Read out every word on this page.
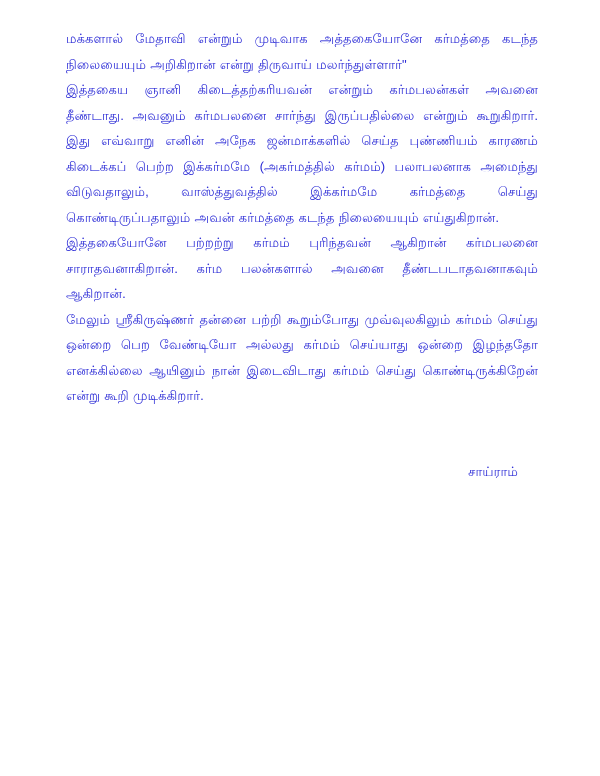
மக்களால் மேதாவி என்றும் முடிவாக அத்தகையோனே கர்மத்தை கடந்த நிலையையும் அறிகிறான் என்று திருவாய் மலர்ந்துள்ளார்"

இத்தகைய ஞானி கிடைத்தற்கரியவன் என்றும் கர்மபலன்கள் அவனை தீண்டாது. அவனும் கர்மபலனை சார்ந்து இருப்பதில்லை என்றும் கூறுகிறார். இது எவ்வாறு எனின் அநேக ஜன்மாக்களில் செய்த புண்ணியம் காரணம் கிடைக்கப் பெற்ற இக்கர்மமே (அகர்மத்தில் கர்மம்) பலாபலனாக அமைந்து விடுவதாலும், வாஸ்த்துவத்தில் இக்கர்மமே கர்மத்தை செய்து கொண்டிருப்பதாலும் அவன் கர்மத்தை கடந்த நிலையையும் எய்துகிறான்.

இத்தகையோனே பற்றற்று கர்மம் புரிந்தவன் ஆகிறான் கர்மபலனை சாராதவனாகிறான். கர்ம பலன்களால் அவனை தீண்டபடாதவனாகவும் ஆகிறான்.

மேலும் ஸ்ரீகிருஷ்ணர் தன்னை பற்றி கூறும்போது முவ்வுலகிலும் கர்மம் செய்து ஒன்றை பெற வேண்டியோ அல்லது கர்மம் செய்யாது ஒன்றை இழந்ததோ எனக்கில்லை ஆயினும் நான் இடைவிடாது கர்மம் செய்து கொண்டிருக்கிறேன் என்று கூறி முடிக்கிறார்.

சாய்ராம்
